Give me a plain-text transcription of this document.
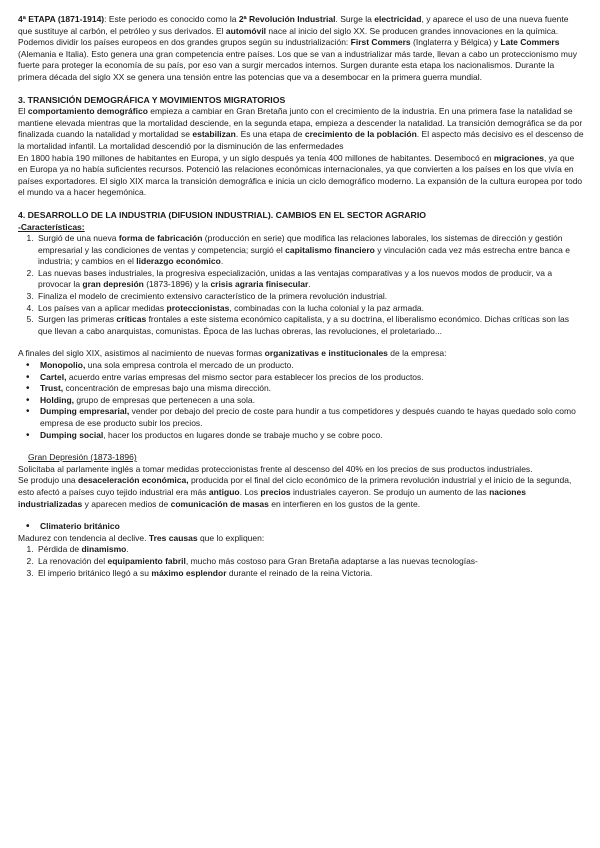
4ª ETAPA (1871-1914): Este periodo es conocido como la 2ª Revolución Industrial. Surge la electricidad, y aparece el uso de una nueva fuente que sustituye al carbón, el petróleo y sus derivados. El automóvil nace al inicio del siglo XX. Se producen grandes innovaciones en la química. Podemos dividir los países europeos en dos grandes grupos según su industrialización: First Commers (Inglaterra y Bélgica) y Late Commers (Alemania e Italia). Esto genera una gran competencia entre países. Los que se van a industrializar más tarde, llevan a cabo un proteccionismo muy fuerte para proteger la economía de su país, por eso van a surgir mercados internos. Surgen durante esta etapa los nacionalismos. Durante la primera década del siglo XX se genera una tensión entre las potencias que va a desembocar en la primera guerra mundial.

3. TRANSICIÓN DEMOGRÁFICA Y MOVIMIENTOS MIGRATORIOS

El comportamiento demográfico empieza a cambiar en Gran Bretaña junto con el crecimiento de la industria. En una primera fase la natalidad se mantiene elevada mientras que la mortalidad desciende, en la segunda etapa, empieza a descender la natalidad. La transición demográfica se da por finalizada cuando la natalidad y mortalidad se estabilizan. Es una etapa de crecimiento de la población. El aspecto más decisivo es el descenso de la mortalidad infantil. La mortalidad descendió por la disminución de las enfermedades

En 1800 había 190 millones de habitantes en Europa, y un siglo después ya tenía 400 millones de habitantes. Desembocó en migraciones, ya que en Europa ya no había suficientes recursos. Potenció las relaciones económicas internacionales, ya que convierten a los países en los que vivía en países exportadores. El siglo XIX marca la transición demográfica e inicia un ciclo demográfico moderno. La expansión de la cultura europea por todo el mundo va a hacer hegemónica.

4. DESARROLLO DE LA INDUSTRIA (DIFUSION INDUSTRIAL). CAMBIOS EN EL SECTOR AGRARIO

-Características:

1. Surgió de una nueva forma de fabricación (producción en serie) que modifica las relaciones laborales, los sistemas de dirección y gestión empresarial y las condiciones de ventas y competencia; surgió el capitalismo financiero y vinculación cada vez más estrecha entre banca e industria; y cambios en el liderazgo económico.
2. Las nuevas bases industriales, la progresiva especialización, unidas a las ventajas comparativas y a los nuevos modos de producir, va a provocar la gran depresión (1873-1896) y la crisis agraria finisecular.
3. Finaliza el modelo de crecimiento extensivo característico de la primera revolución industrial.
4. Los países van a aplicar medidas proteccionistas, combinadas con la lucha colonial y la paz armada.
5. Surgen las primeras críticas frontales a este sistema económico capitalista, y a su doctrina, el liberalismo económico. Dichas críticas son las que llevan a cabo anarquistas, comunistas. Época de las luchas obreras, las revoluciones, el proletariado...

A finales del siglo XIX, asistimos al nacimiento de nuevas formas organizativas e institucionales de la empresa:

• Monopolio, una sola empresa controla el mercado de un producto.
• Cartel, acuerdo entre varias empresas del mismo sector para establecer los precios de los productos.
• Trust, concentración de empresas bajo una misma dirección.
• Holding, grupo de empresas que pertenecen a una sola.
• Dumping empresarial, vender por debajo del precio de coste para hundir a tus competidores y después cuando te hayas quedado solo como empresa de ese producto subir los precios.
• Dumping social, hacer los productos en lugares donde se trabaje mucho y se cobre poco.

Gran Depresión (1873-1896)

Solicitaba al parlamente inglés a tomar medidas proteccionistas frente al descenso del 40% en los precios de sus productos industriales.

Se produjo una desaceleración económica, producida por el final del ciclo económico de la primera revolución industrial y el inicio de la segunda, esto afectó a países cuyo tejido industrial era más antiguo. Los precios industriales cayeron. Se produjo un aumento de las naciones industrializadas y aparecen medios de comunicación de masas en interfieren en los gustos de la gente.

• Climaterio británico

Madurez con tendencia al declive. Tres causas que lo expliquen:

1. Pérdida de dinamismo.
2. La renovación del equipamiento fabril, mucho más costoso para Gran Bretaña adaptarse a las nuevas tecnologías-
3. El imperio británico llegó a su máximo esplendor durante el reinado de la reina Victoria.
